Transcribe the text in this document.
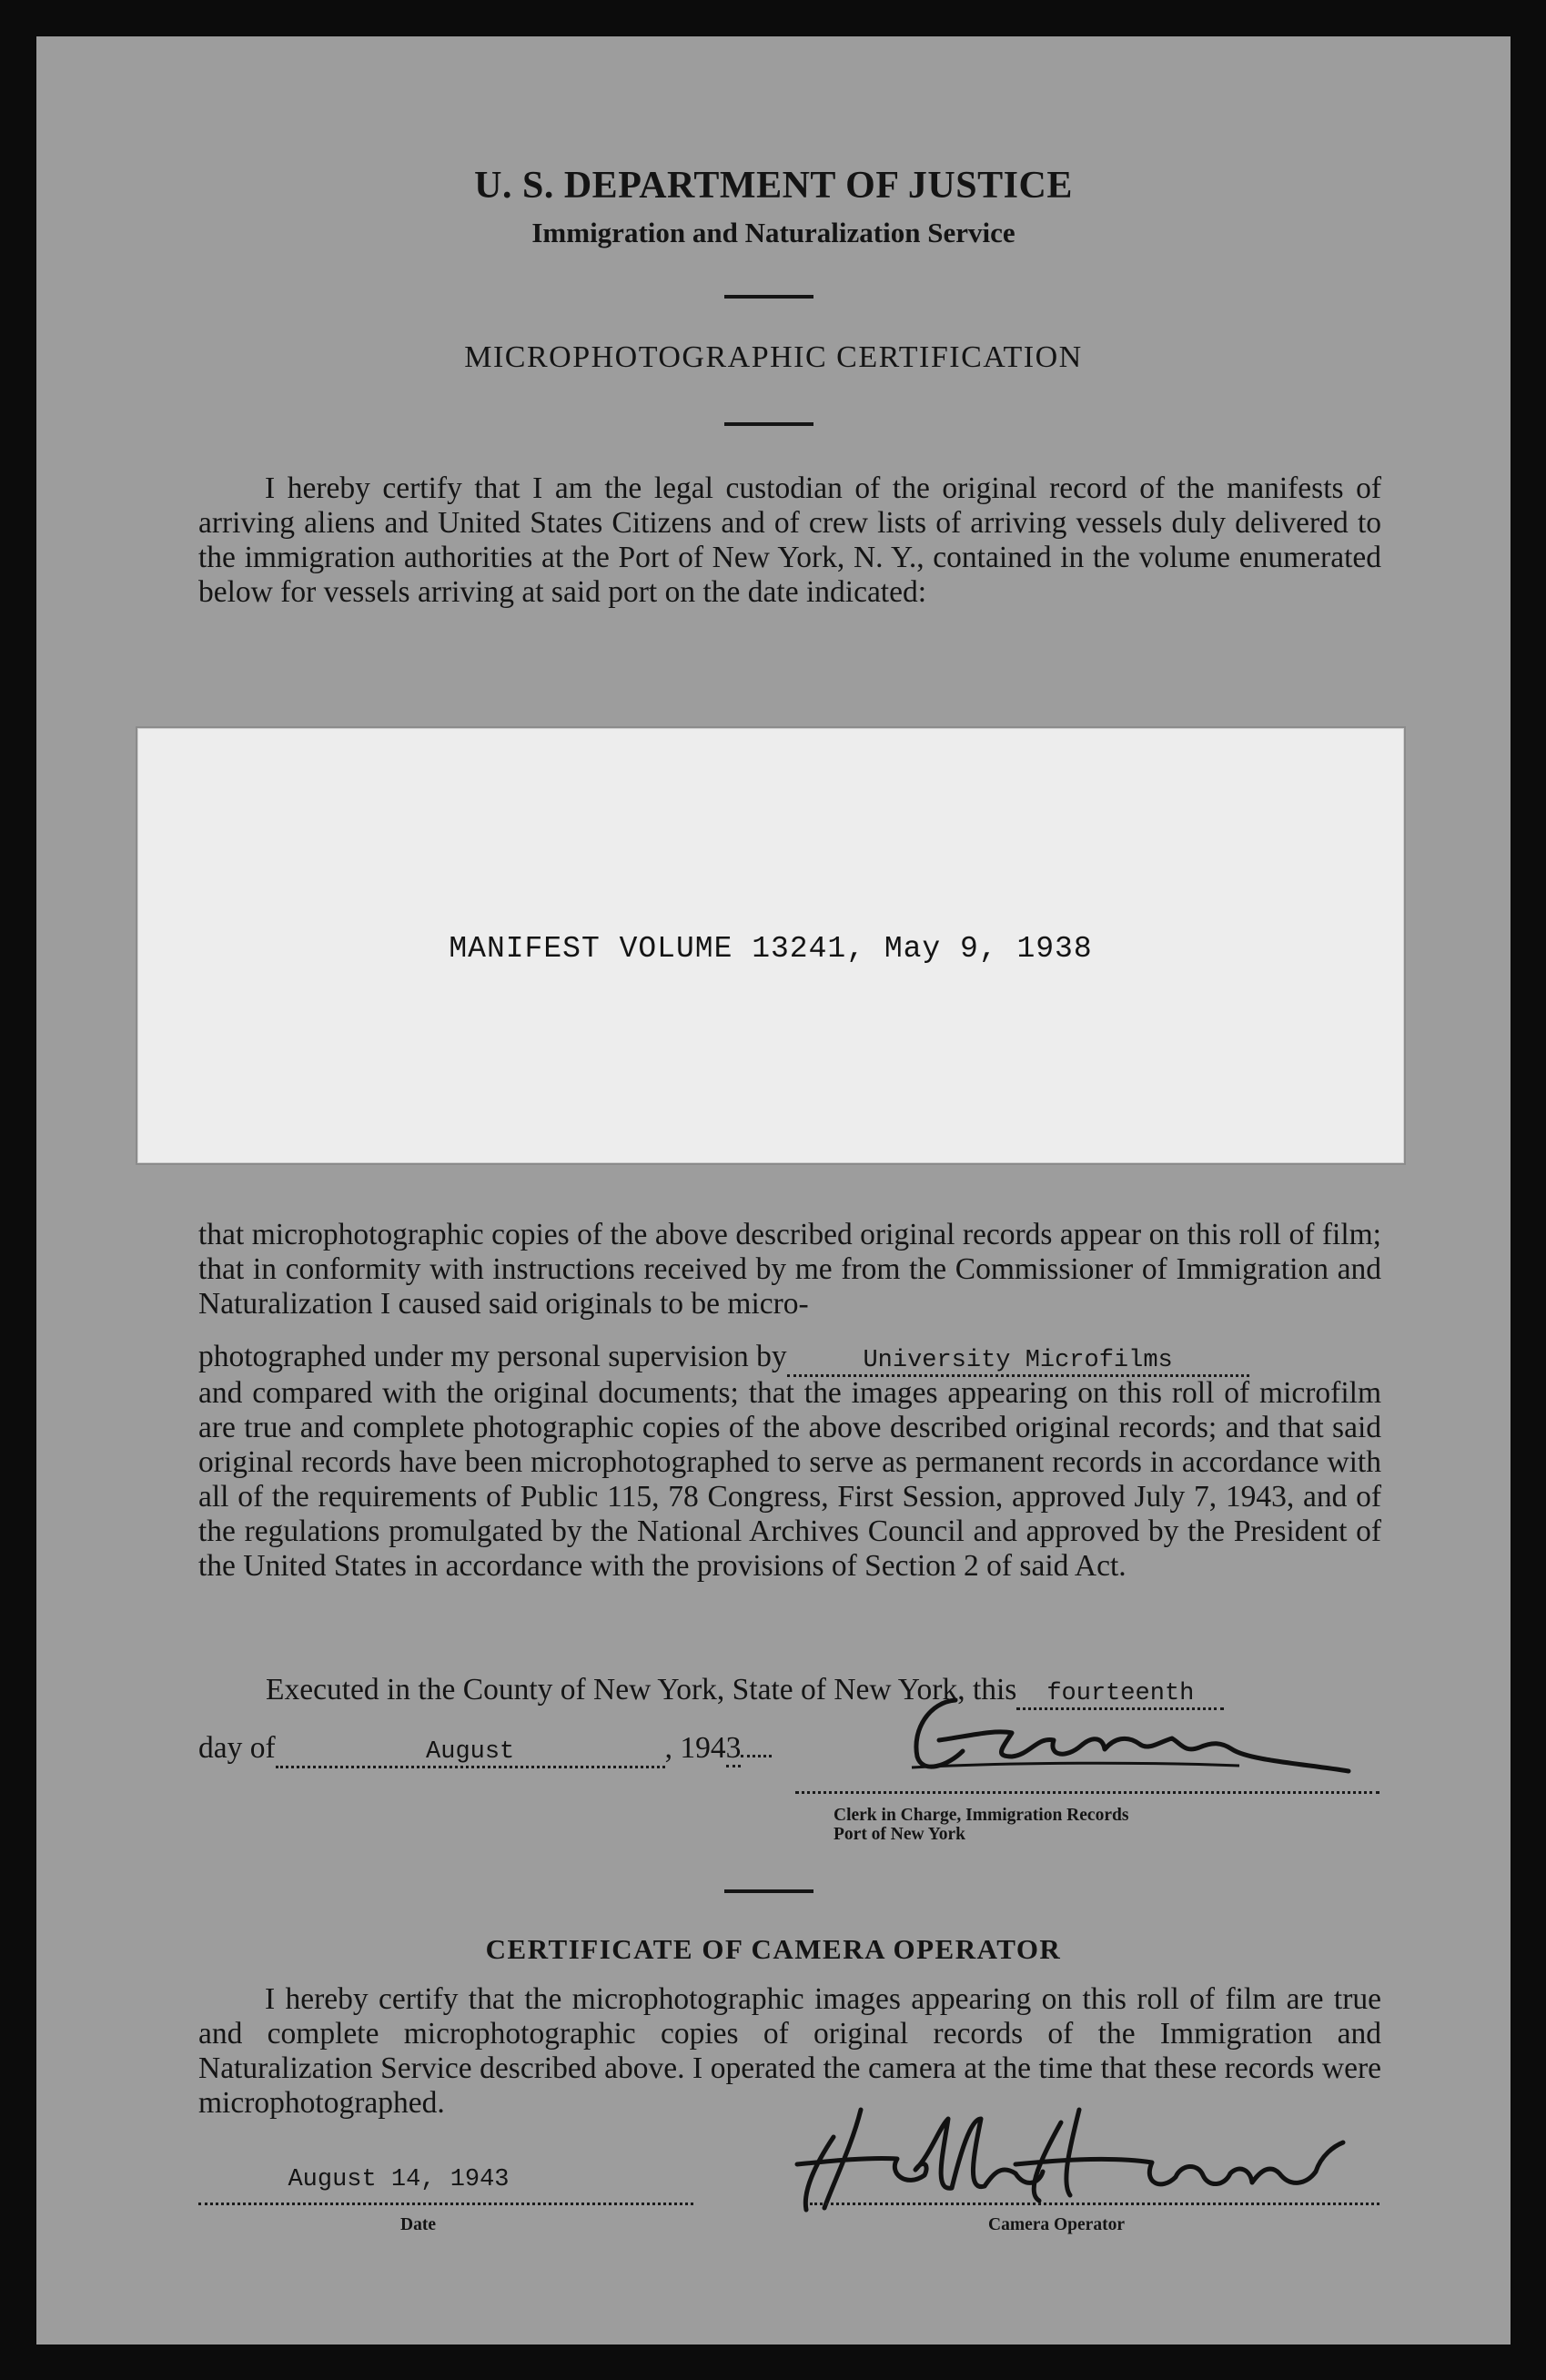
U. S. DEPARTMENT OF JUSTICE
Immigration and Naturalization Service
MICROPHOTOGRAPHIC CERTIFICATION
I hereby certify that I am the legal custodian of the original record of the manifests of arriving aliens and United States Citizens and of crew lists of arriving vessels duly delivered to the immigration authorities at the Port of New York, N. Y., contained in the volume enumerated below for vessels arriving at said port on the date indicated:
MANIFEST VOLUME 13241, May 9, 1938
that microphotographic copies of the above described original records appear on this roll of film; that in conformity with instructions received by me from the Commissioner of Immigration and Naturalization I caused said originals to be micro-
photographed under my personal supervision by	University Microfilms
and compared with the original documents; that the images appearing on this roll of microfilm are true and complete photographic copies of the above described original records; and that said original records have been microphotographed to serve as permanent records in accordance with all of the requirements of Public 115, 78 Congress, First Session, approved July 7, 1943, and of the regulations promulgated by the National Archives Council and approved by the President of the United States in accordance with the provisions of Section 2 of said Act.
Executed in the County of New York, State of New York, this fourteenth
day of	August	, 1943
Clerk in Charge, Immigration Records
Port of New York
CERTIFICATE OF CAMERA OPERATOR
I hereby certify that the microphotographic images appearing on this roll of film are true and complete microphotographic copies of original records of the Immigration and Naturalization Service described above. I operated the camera at the time that these records were microphotographed.
August 14, 1943
Date	Camera Operator
